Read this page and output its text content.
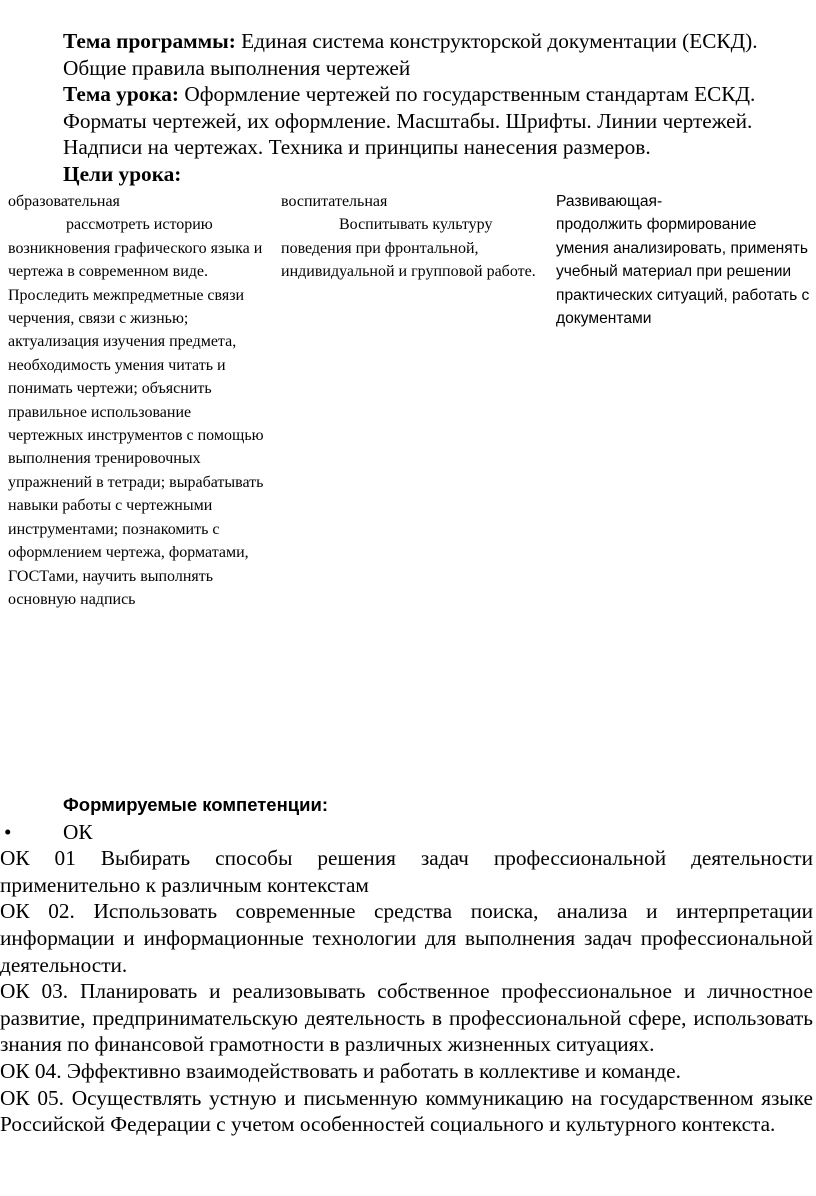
Тема программы: Единая система конструкторской документации (ЕСКД). Общие правила выполнения чертежей

Тема урока: Оформление чертежей по государственным стандартам ЕСКД. Форматы чертежей, их оформление. Масштабы. Шрифты. Линии чертежей. Надписи на чертежах. Техника и принципы нанесения размеров.

Цели урока:

образовательная

рассмотреть историю

возникновения графического языка и чертежа в современном виде. Проследить межпредметные связи черчения, связи с жизнью; актуализация изучения предмета, необходимость умения читать и понимать чертежи; объяснить правильное использование чертежных инструментов с помощью выполнения тренировочных упражнений в тетради; вырабатывать навыки работы с чертежными инструментами; познакомить с оформлением чертежа, форматами, ГОСТами, научить выполнять основную надпись

воспитательная

Воспитывать культуру

поведения при фронтальной, индивидуальной и групповой работе.

Развивающая-

продолжить формирование умения анализировать, применять учебный материал при решении практических ситуаций, работать с документами

Формируемые компетенции:

•	ОК

ОК 01 Выбирать способы решения задач профессиональной деятельности применительно к различным контекстам

ОК 02. Использовать современные средства поиска, анализа и интерпретации информации и информационные технологии для выполнения задач профессиональной деятельности.

ОК 03. Планировать и реализовывать собственное профессиональное и личностное развитие, предпринимательскую деятельность в профессиональной сфере, использовать знания по финансовой грамотности в различных жизненных ситуациях.

ОК 04. Эффективно взаимодействовать и работать в коллективе и команде.

ОК 05. Осуществлять устную и письменную коммуникацию на государственном языке Российской Федерации с учетом особенностей социального и культурного контекста.
